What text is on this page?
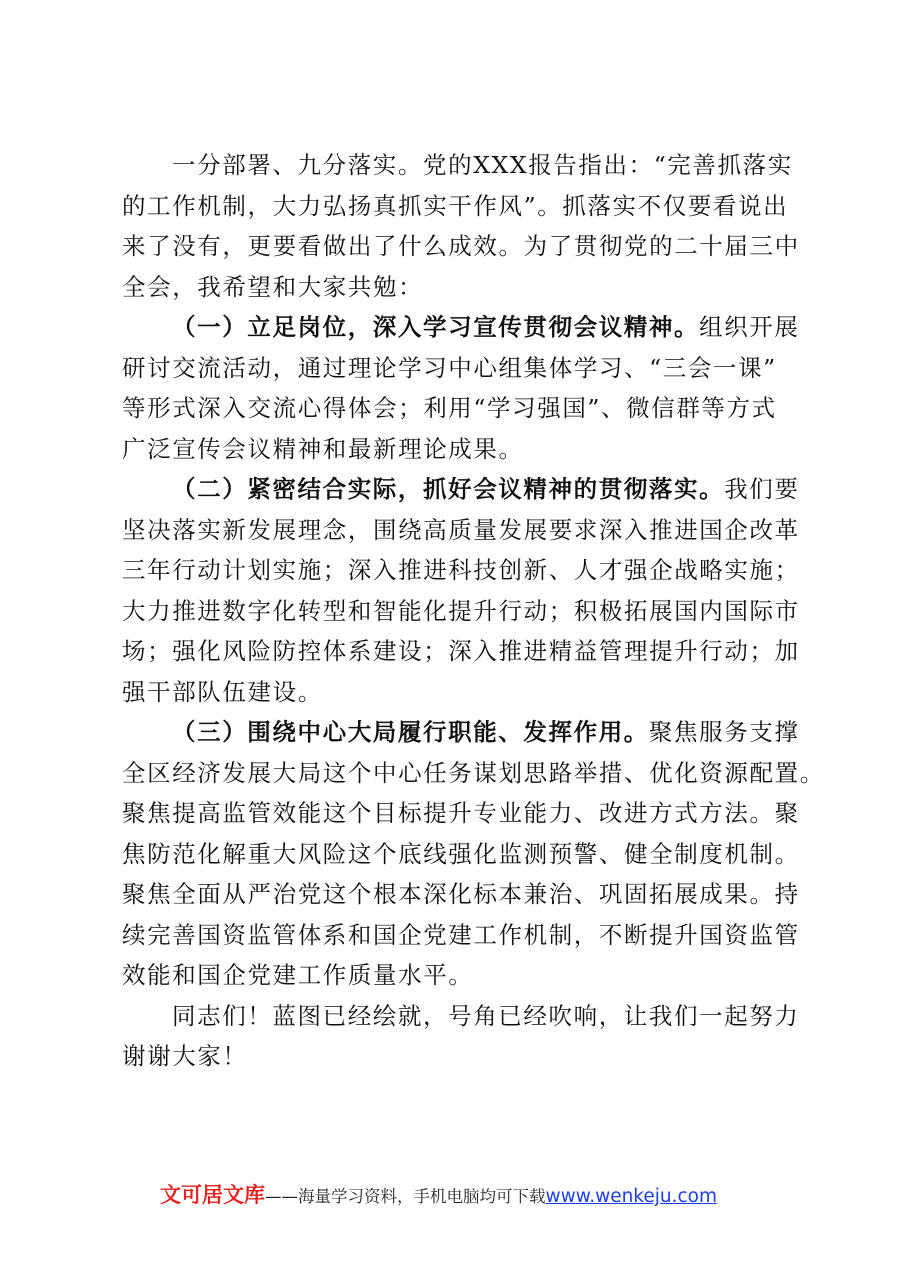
一分部署、九分落实。党的XXX报告指出：“完善抓落实
的工作机制，大力弘扬真抓实干作风”。抓落实不仅要看说出
来了没有，更要看做出了什么成效。为了贯彻党的二十届三中
全会，我希望和大家共勉：
（一）立足岗位，深入学习宣传贯彻会议精神。组织开展
研讨交流活动，通过理论学习中心组集体学习、“三会一课”
等形式深入交流心得体会；利用“学习强国”、微信群等方式
广泛宣传会议精神和最新理论成果。
（二）紧密结合实际，抓好会议精神的贯彻落实。我们要
坚决落实新发展理念，围绕高质量发展要求深入推进国企改革
三年行动计划实施；深入推进科技创新、人才强企战略实施；
大力推进数字化转型和智能化提升行动；积极拓展国内国际市
场；强化风险防控体系建设；深入推进精益管理提升行动；加
强干部队伍建设。
（三）围绕中心大局履行职能、发挥作用。聚焦服务支撑
全区经济发展大局这个中心任务谋划思路举措、优化资源配置。
聚焦提高监管效能这个目标提升专业能力、改进方式方法。聚
焦防范化解重大风险这个底线强化监测预警、健全制度机制。
聚焦全面从严治党这个根本深化标本兼治、巩固拓展成果。持
续完善国资监管体系和国企党建工作机制，不断提升国资监管
效能和国企党建工作质量水平。
同志们！蓝图已经绘就，号角已经吹响，让我们一起努力
谢谢大家！
文可居文库——海量学习资料，手机电脑均可下载www.wenkeju.com
